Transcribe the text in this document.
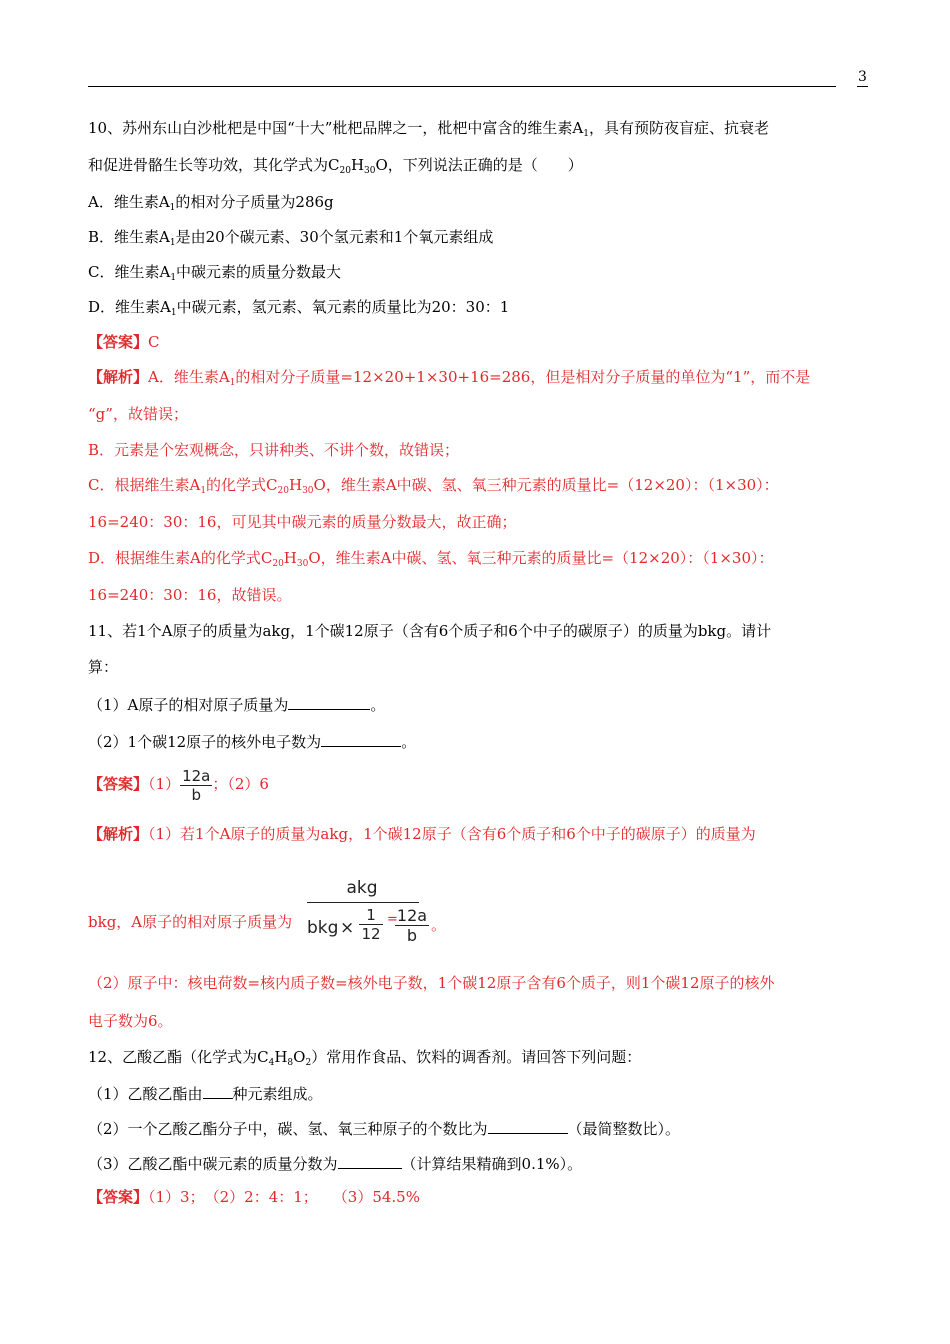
3
10、苏州东山白沙枇杷是中国“十大”枇杷品牌之一，枇杷中富含的维生素$A_1$，具有预防夜盲症、抗衰老
和促进骨骼生长等功效，其化学式为$C_{20}H_{30}O$，下列说法正确的是（　　）
A．维生素$A_1$的相对分子质量为286g
B．维生素$A_1$是由20个碳元素、30个氢元素和1个氧元素组成
C．维生素$A_1$中碳元素的质量分数最大
D．维生素$A_1$中碳元素，氢元素、氧元素的质量比为20：30：1
【答案】C
【解析】A．维生素$A_1$的相对分子质量=12×20+1×30+16=286，但是相对分子质量的单位为“1”，而不是
“g”，故错误；
B．元素是个宏观概念，只讲种类、不讲个数，故错误；
C．根据维生素$A_1$的化学式$C_{20}H_{30}O$，维生素A中碳、氢、氧三种元素的质量比=（12×20）：（1×30）：
16=240：30：16，可见其中碳元素的质量分数最大，故正确；
D．根据维生素A的化学式$C_{20}H_{30}O$，维生素A中碳、氢、氧三种元素的质量比=（12×20）：（1×30）：
16=240：30：16，故错误。
11、若1个A原子的质量为akg，1个碳12原子（含有6个质子和6个中子的碳原子）的质量为bkg。请计
算：
（1）A原子的相对原子质量为	。
（2）1个碳12原子的核外电子数为	。
【答案】$(1) \frac{12a}{b}$ ；（2）6
【解析】（1）若1个A原子的质量为akg，1个碳12原子（含有6个质子和6个中子的碳原子）的质量为
bkg，A原子的相对原子质量为
akg
bkg ×
1
12
= 12a
b
。
（2）原子中：核电荷数=核内质子数=核外电子数，1个碳12原子含有6个质子，则1个碳12原子的核外
电子数为6。
12、乙酸乙酯（化学式为$C_4H_8O_2$）常用作食品、饮料的调香剂。请回答下列问题：
（1）乙酸乙酯由 种元素组成。
（2）一个乙酸乙酯分子中，碳、氢、氧三种原子的个数比为	（最简整数比）。
（3）乙酸乙酯中碳元素的质量分数为	（计算结果精确到0.1%）。
【答案】（1）3；　（2）2：4：1；　　（3）54.5%
